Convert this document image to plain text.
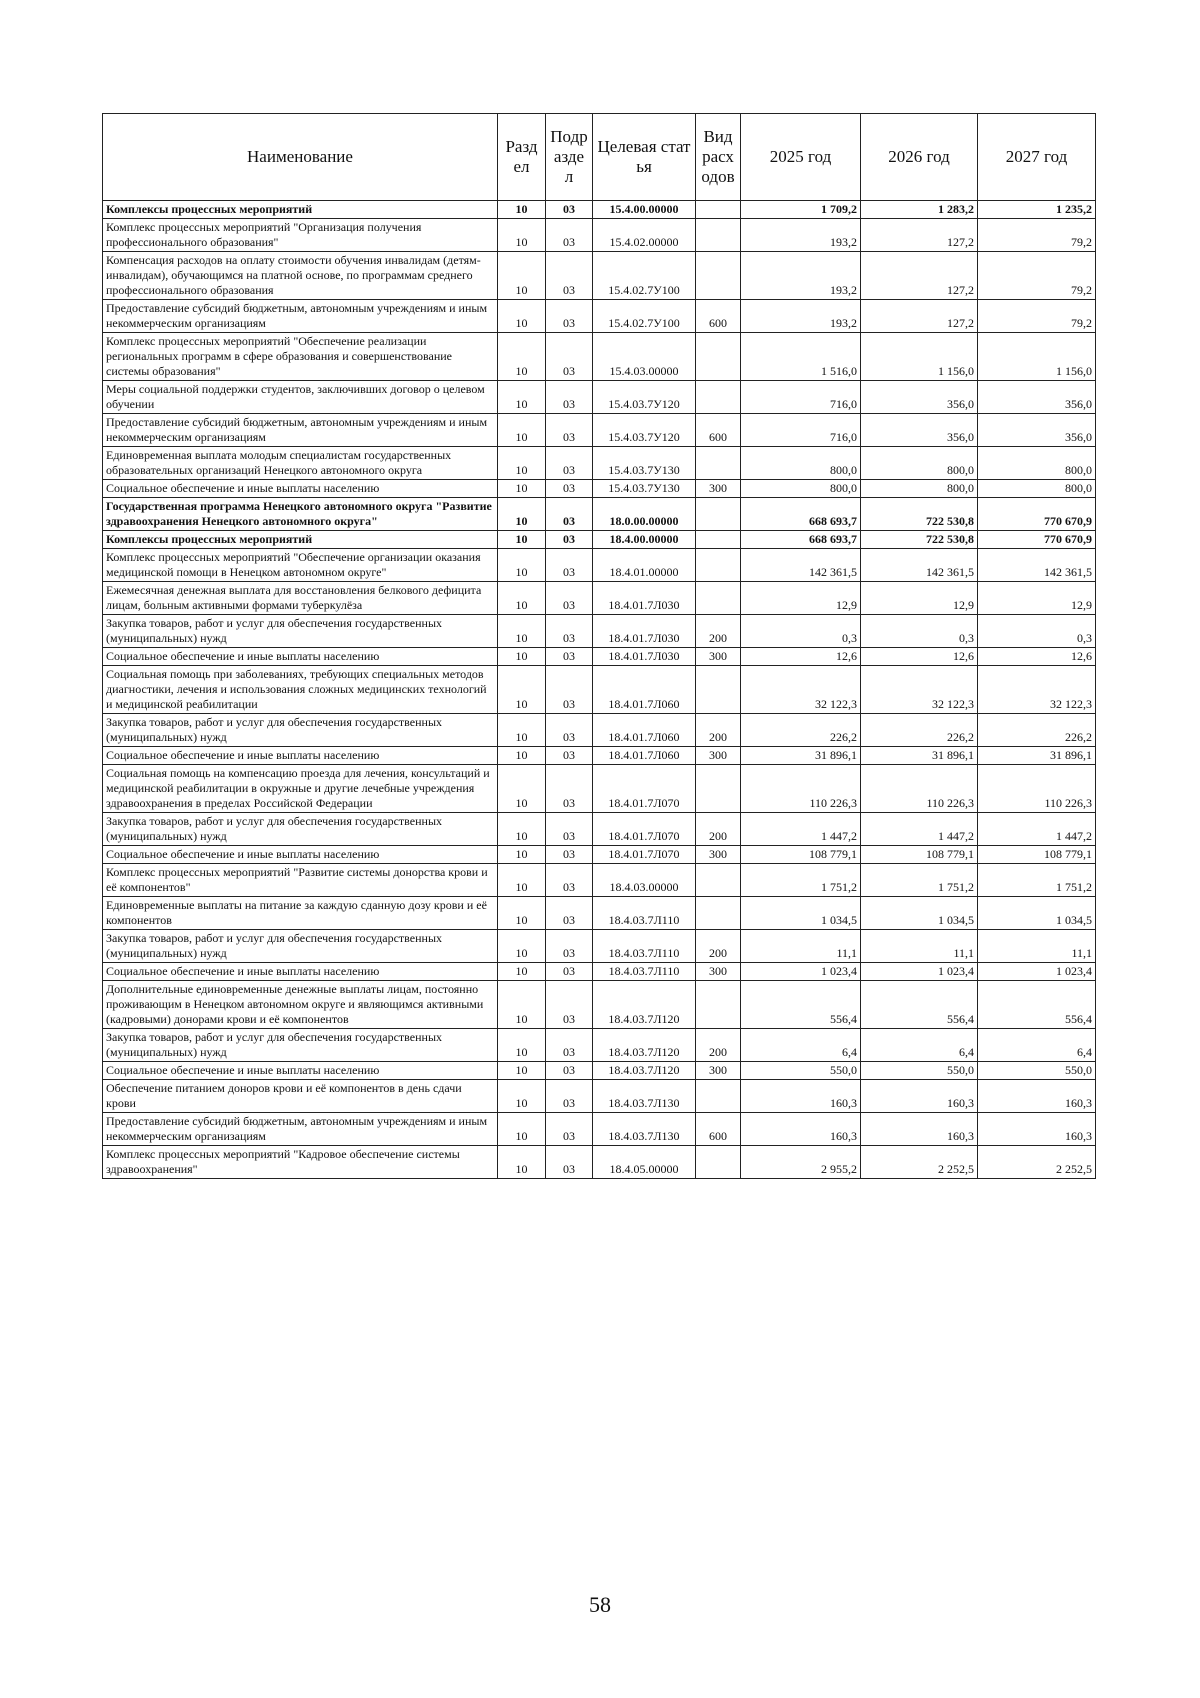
Наименование	Разд ел	Подр азде л	Целевая статья	Вид расх одов	2025 год	2026 год	2027 год
Комплексы процессных мероприятий	10	03	15.4.00.00000		1 709,2	1 283,2	1 235,2
Комплекс процессных мероприятий "Организация получения профессионального образования"	10	03	15.4.02.00000		193,2	127,2	79,2
Компенсация расходов на оплату стоимости обучения инвалидам (детям-инвалидам), обучающимся на платной основе, по программам среднего профессионального образования	10	03	15.4.02.7У100		193,2	127,2	79,2
Предоставление субсидий бюджетным, автономным учреждениям и иным некоммерческим организациям	10	03	15.4.02.7У100	600	193,2	127,2	79,2
Комплекс процессных мероприятий "Обеспечение реализации региональных программ в сфере образования и совершенствование системы образования"	10	03	15.4.03.00000		1 516,0	1 156,0	1 156,0
Меры социальной поддержки студентов, заключивших договор о целевом обучении	10	03	15.4.03.7У120		716,0	356,0	356,0
Предоставление субсидий бюджетным, автономным учреждениям и иным некоммерческим организациям	10	03	15.4.03.7У120	600	716,0	356,0	356,0
Единовременная выплата молодым специалистам государственных образовательных организаций Ненецкого автономного округа	10	03	15.4.03.7У130		800,0	800,0	800,0
Социальное обеспечение и иные выплаты населению	10	03	15.4.03.7У130	300	800,0	800,0	800,0
Государственная программа Ненецкого автономного округа "Развитие здравоохранения Ненецкого автономного округа"	10	03	18.0.00.00000		668 693,7	722 530,8	770 670,9
Комплексы процессных мероприятий	10	03	18.4.00.00000		668 693,7	722 530,8	770 670,9
Комплекс процессных мероприятий "Обеспечение организации оказания медицинской помощи в Ненецком автономном округе"	10	03	18.4.01.00000		142 361,5	142 361,5	142 361,5
Ежемесячная денежная выплата для восстановления белкового дефицита лицам, больным активными формами туберкулёза	10	03	18.4.01.7Л030		12,9	12,9	12,9
Закупка товаров, работ и услуг для обеспечения государственных (муниципальных) нужд	10	03	18.4.01.7Л030	200	0,3	0,3	0,3
Социальное обеспечение и иные выплаты населению	10	03	18.4.01.7Л030	300	12,6	12,6	12,6
Социальная помощь при заболеваниях, требующих специальных методов диагностики, лечения и использования сложных медицинских технологий и медицинской реабилитации	10	03	18.4.01.7Л060		32 122,3	32 122,3	32 122,3
Закупка товаров, работ и услуг для обеспечения государственных (муниципальных) нужд	10	03	18.4.01.7Л060	200	226,2	226,2	226,2
Социальное обеспечение и иные выплаты населению	10	03	18.4.01.7Л060	300	31 896,1	31 896,1	31 896,1
Социальная помощь на компенсацию проезда для лечения, консультаций и медицинской реабилитации в окружные и другие лечебные учреждения здравоохранения в пределах Российской Федерации	10	03	18.4.01.7Л070		110 226,3	110 226,3	110 226,3
Закупка товаров, работ и услуг для обеспечения государственных (муниципальных) нужд	10	03	18.4.01.7Л070	200	1 447,2	1 447,2	1 447,2
Социальное обеспечение и иные выплаты населению	10	03	18.4.01.7Л070	300	108 779,1	108 779,1	108 779,1
Комплекс процессных мероприятий "Развитие системы донорства крови и её компонентов"	10	03	18.4.03.00000		1 751,2	1 751,2	1 751,2
Единовременные выплаты на питание за каждую сданную дозу крови и её компонентов	10	03	18.4.03.7Л110		1 034,5	1 034,5	1 034,5
Закупка товаров, работ и услуг для обеспечения государственных (муниципальных) нужд	10	03	18.4.03.7Л110	200	11,1	11,1	11,1
Социальное обеспечение и иные выплаты населению	10	03	18.4.03.7Л110	300	1 023,4	1 023,4	1 023,4
Дополнительные единовременные денежные выплаты лицам, постоянно проживающим в Ненецком автономном округе и являющимся активными (кадровыми) донорами крови и её компонентов	10	03	18.4.03.7Л120		556,4	556,4	556,4
Закупка товаров, работ и услуг для обеспечения государственных (муниципальных) нужд	10	03	18.4.03.7Л120	200	6,4	6,4	6,4
Социальное обеспечение и иные выплаты населению	10	03	18.4.03.7Л120	300	550,0	550,0	550,0
Обеспечение питанием доноров крови и её компонентов в день сдачи крови	10	03	18.4.03.7Л130		160,3	160,3	160,3
Предоставление субсидий бюджетным, автономным учреждениям и иным некоммерческим организациям	10	03	18.4.03.7Л130	600	160,3	160,3	160,3
Комплекс процессных мероприятий "Кадровое обеспечение системы здравоохранения"	10	03	18.4.05.00000		2 955,2	2 252,5	2 252,5
58
